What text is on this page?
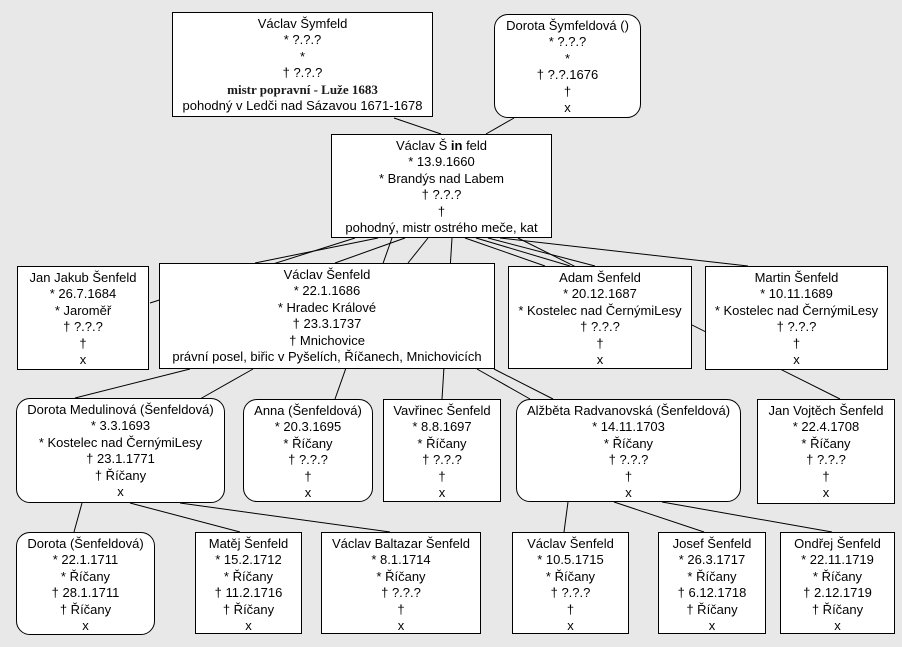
Václav Šymfeld
* ?.?.?
*
† ?.?.?
mistr popravní - Luže 1683
pohodný v Ledči nad Sázavou 1671-1678
Dorota Šymfeldová ()
* ?.?.?
*
† ?.?.1676
†
x
Václav Š in feld
* 13.9.1660
* Brandýs nad Labem
† ?.?.?
†
pohodný, mistr ostrého meče, kat
Jan Jakub Šenfeld
* 26.7.1684
* Jaroměř
† ?.?.?
†
x
Václav Šenfeld
* 22.1.1686
* Hradec Králové
† 23.3.1737
† Mnichovice
právní posel, biřic v Pyšelích, Říčanech, Mnichovicích
Adam Šenfeld
* 20.12.1687
* Kostelec nad ČernýmiLesy
† ?.?.?
†
x
Martin Šenfeld
* 10.11.1689
* Kostelec nad ČernýmiLesy
† ?.?.?
†
x
Dorota Medulinová (Šenfeldová)
* 3.3.1693
* Kostelec nad ČernýmiLesy
† 23.1.1771
† Říčany
x
Anna (Šenfeldová)
* 20.3.1695
* Říčany
† ?.?.?
†
x
Vavřinec Šenfeld
* 8.8.1697
* Říčany
† ?.?.?
†
x
Alžběta Radvanovská (Šenfeldová)
* 14.11.1703
* Říčany
† ?.?.?
†
x
Jan Vojtěch Šenfeld
* 22.4.1708
* Říčany
† ?.?.?
†
x
Dorota (Šenfeldová)
* 22.1.1711
* Říčany
† 28.1.1711
† Říčany
x
Matěj Šenfeld
* 15.2.1712
* Říčany
† 11.2.1716
† Říčany
x
Václav Baltazar Šenfeld
* 8.1.1714
* Říčany
† ?.?.?
†
x
Václav Šenfeld
* 10.5.1715
* Říčany
† ?.?.?
†
x
Josef Šenfeld
* 26.3.1717
* Říčany
† 6.12.1718
† Říčany
x
Ondřej Šenfeld
* 22.11.1719
* Říčany
† 2.12.1719
† Říčany
x
